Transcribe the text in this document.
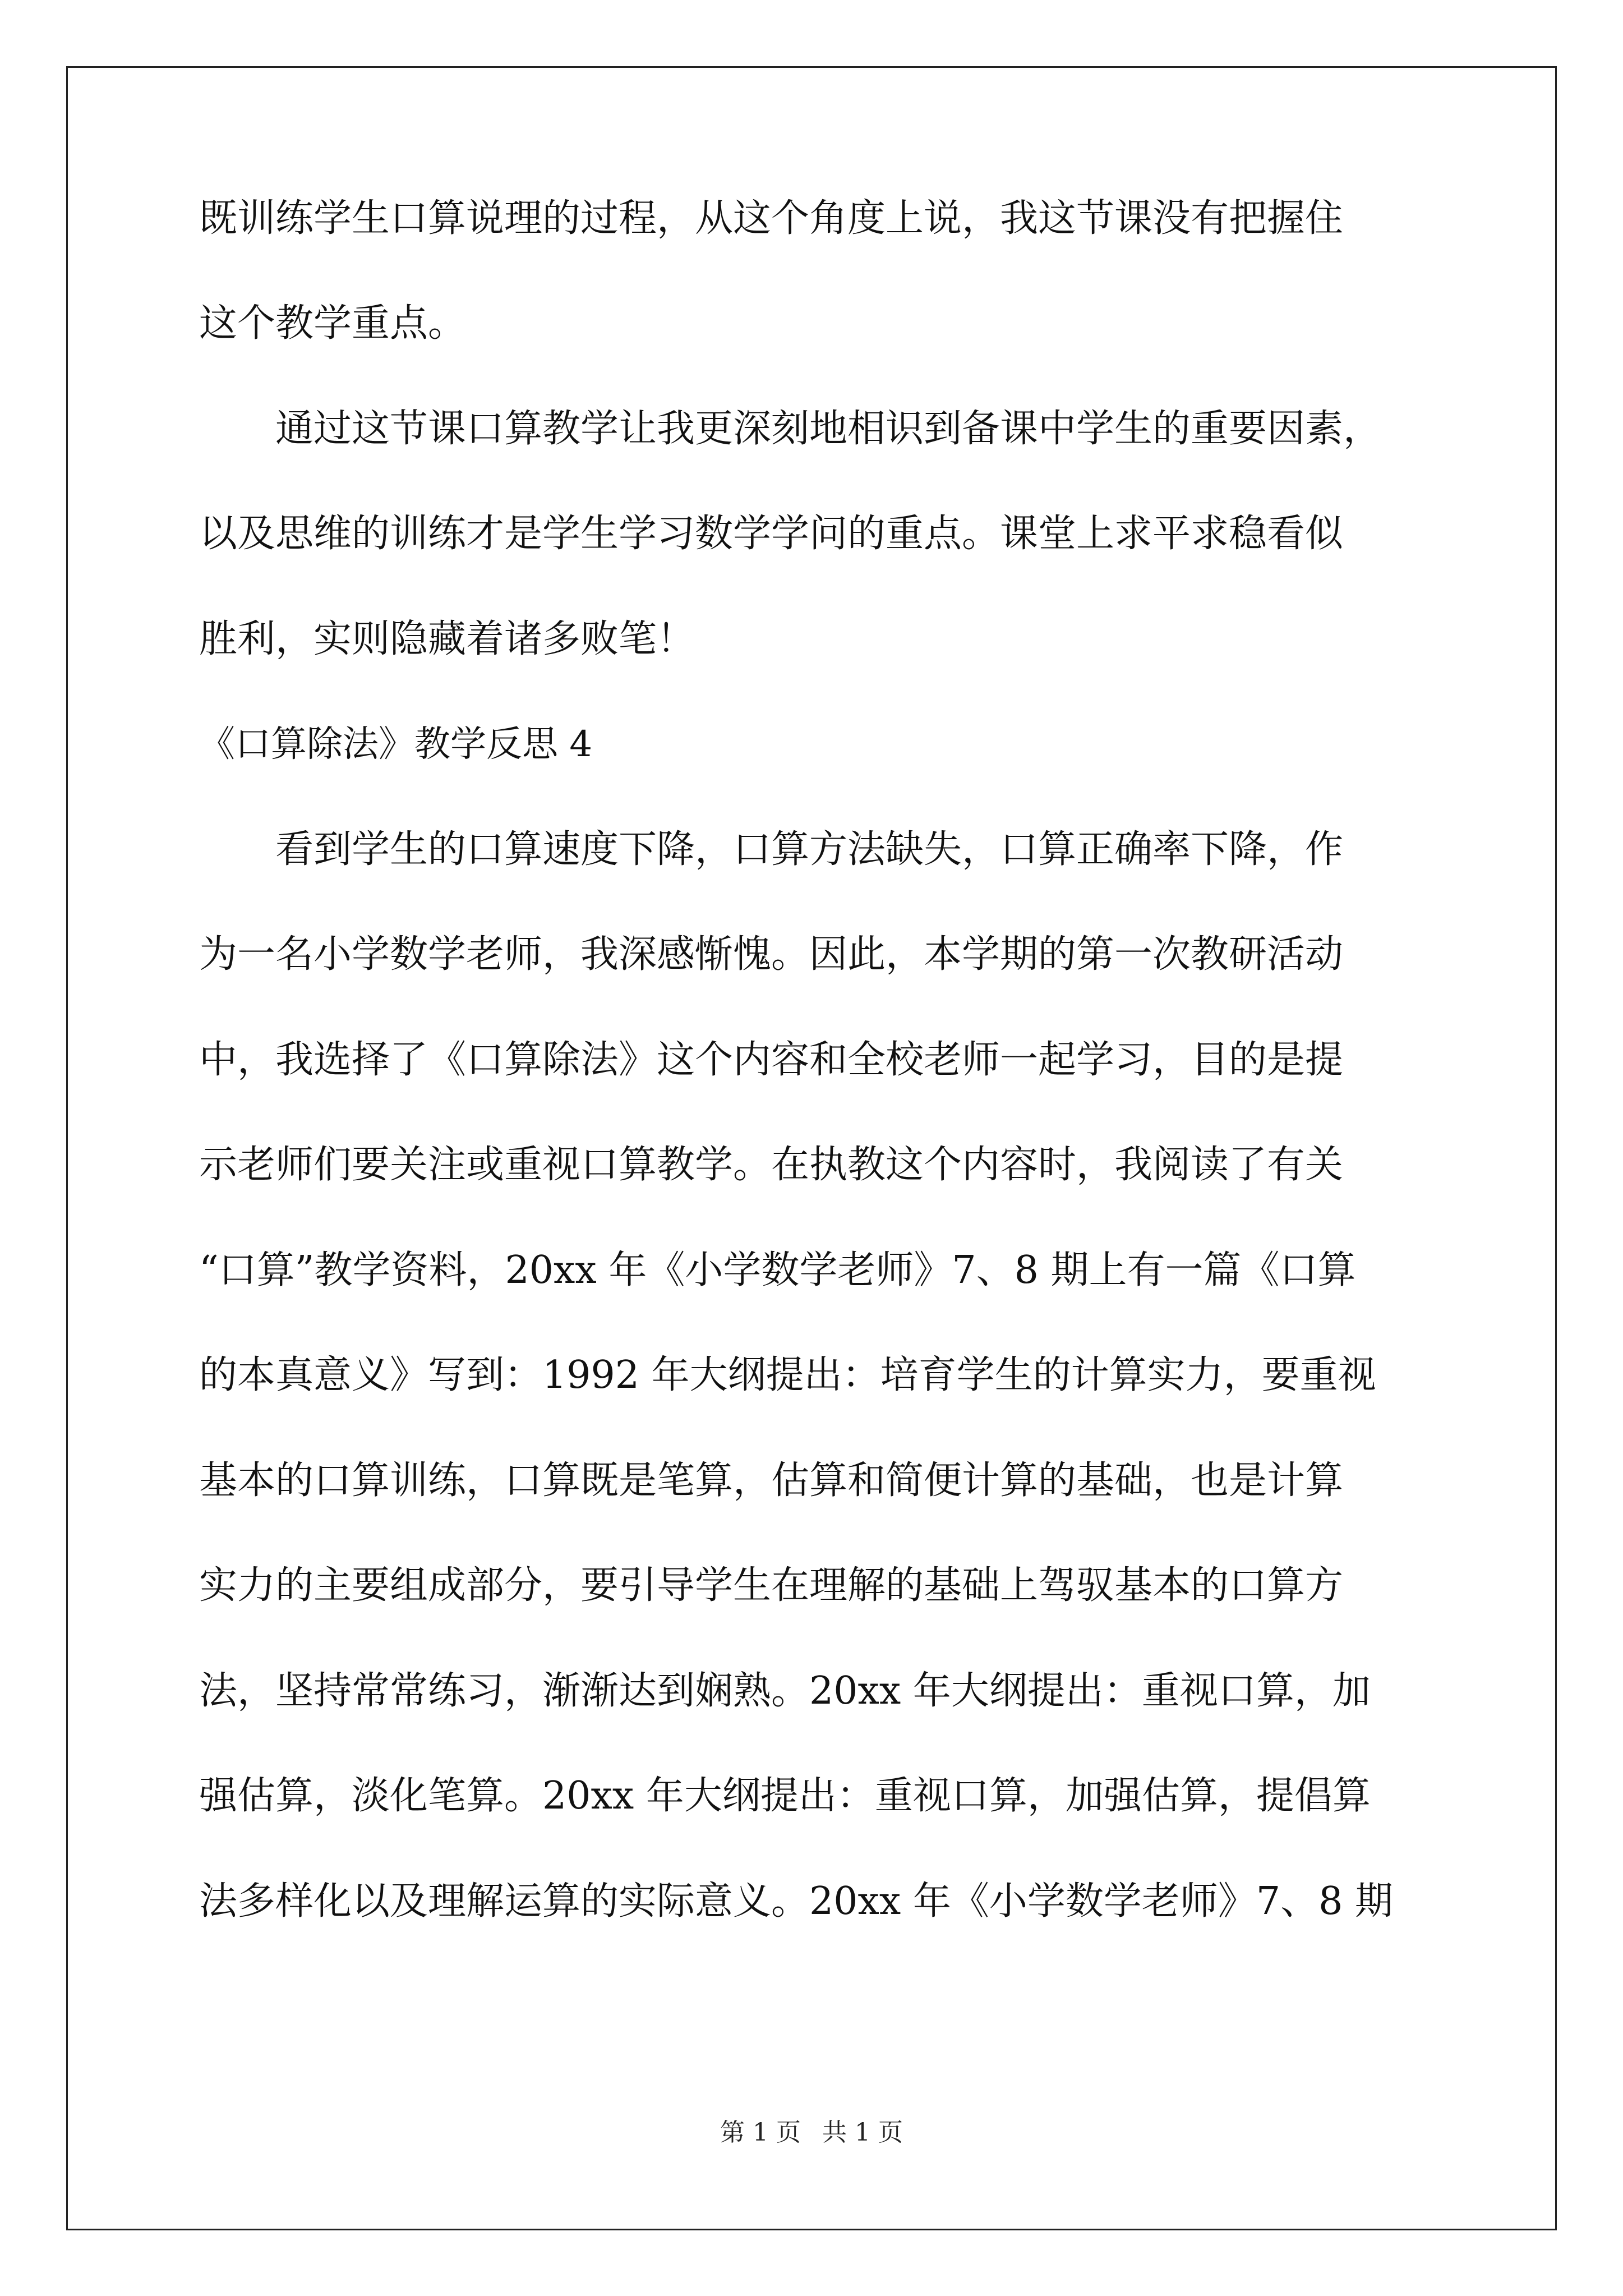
既训练学生口算说理的过程，从这个角度上说，我这节课没有把握住
这个教学重点。
通过这节课口算教学让我更深刻地相识到备课中学生的重要因素，
以及思维的训练才是学生学习数学学问的重点。课堂上求平求稳看似
胜利，实则隐藏着诸多败笔！
《口算除法》教学反思 4
看到学生的口算速度下降，口算方法缺失，口算正确率下降，作
为一名小学数学老师，我深感惭愧。因此，本学期的第一次教研活动
中，我选择了《口算除法》这个内容和全校老师一起学习，目的是提
示老师们要关注或重视口算教学。在执教这个内容时，我阅读了有关
“口算”教学资料，20xx 年《小学数学老师》7、8 期上有一篇《口算
的本真意义》写到：1992 年大纲提出：培育学生的计算实力，要重视
基本的口算训练，口算既是笔算，估算和简便计算的基础，也是计算
实力的主要组成部分，要引导学生在理解的基础上驾驭基本的口算方
法，坚持常常练习，渐渐达到娴熟。20xx 年大纲提出：重视口算，加
强估算，淡化笔算。20xx 年大纲提出：重视口算，加强估算，提倡算
法多样化以及理解运算的实际意义。20xx 年《小学数学老师》7、8 期
第 1 页 共 1 页
